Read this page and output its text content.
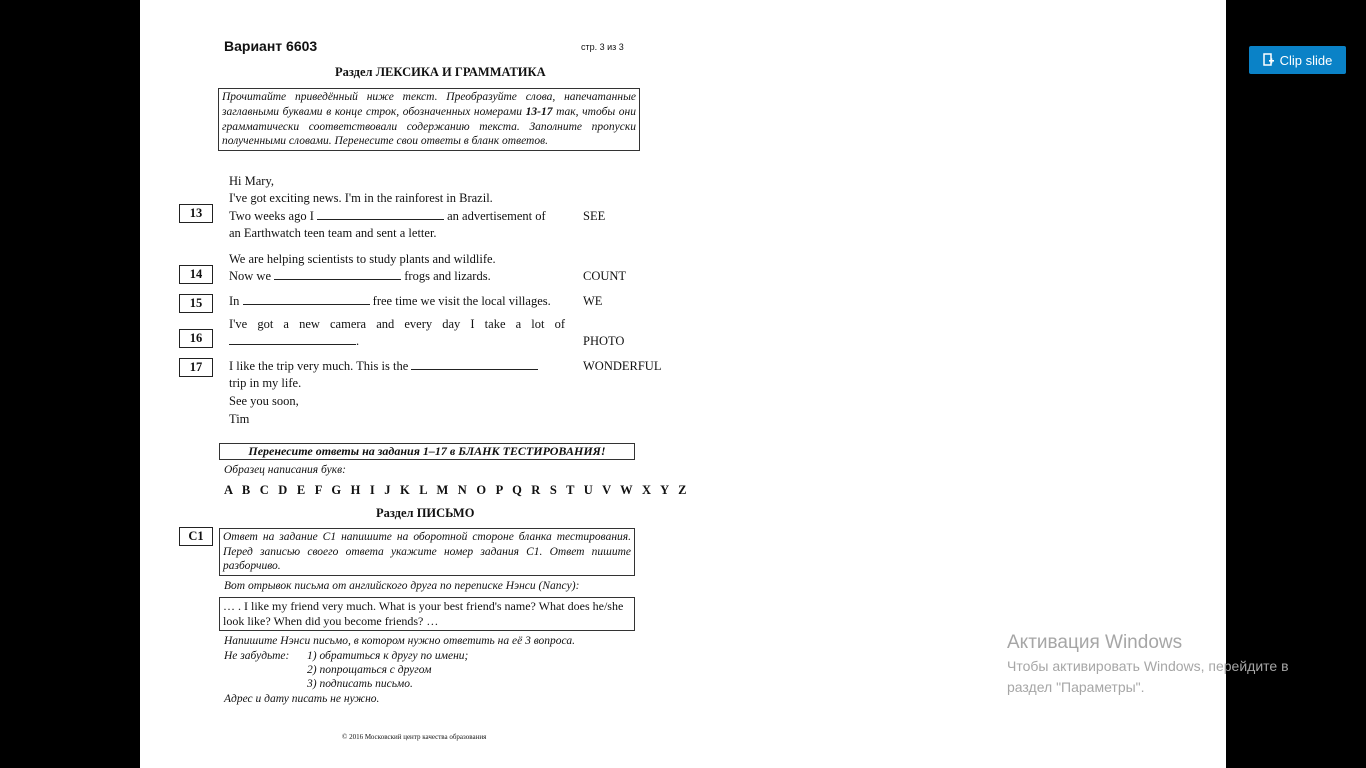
Вариант 6603	стр. 3 из 3
Раздел ЛЕКСИКА И ГРАММАТИКА
Прочитайте приведённый ниже текст. Преобразуйте слова, напечатанные заглавными буквами в конце строк, обозначенных номерами 13-17 так, чтобы они грамматически соответствовали содержанию текста. Заполните пропуски полученными словами. Перенесите свои ответы в бланк ответов.
Hi Mary,
I've got exciting news. I'm in the rainforest in Brazil.
13	Two weeks ago I	an advertisement of	SEE
an Earthwatch teen team and sent a letter.
We are helping scientists to study plants and wildlife.
14	Now we	frogs and lizards.	COUNT
15	In	free time we visit the local villages.	WE
I've got a new camera and every day I take a lot of
16	.	PHOTO
17	I like the trip very much. This is the	WONDERFUL
trip in my life.
See you soon,
Tim
Перенесите ответы на задания 1–17 в БЛАНК ТЕСТИРОВАНИЯ!
Образец написания букв:
A B C D E F G H I J K L M N O P Q R S T U V W X Y Z
Раздел ПИСЬМО
C1	Ответ на задание С1 напишите на оборотной стороне бланка тестирования. Перед записью своего ответа укажите номер задания С1. Ответ пишите разборчиво.
Вот отрывок письма от английского друга по переписке Нэнси (Nancy):
… . I like my friend very much. What is your best friend's name? What does he/she look like? When did you become friends? …
Напишите Нэнси письмо, в котором нужно ответить на её 3 вопроса.
Не забудьте: 1) обратиться к другу по имени;
2) попрощаться с другом
3) подписать письмо.
Адрес и дату писать не нужно.
© 2016 Московский центр качества образования
Clip slide
Активация Windows
Чтобы активировать Windows, перейдите в раздел "Параметры".
